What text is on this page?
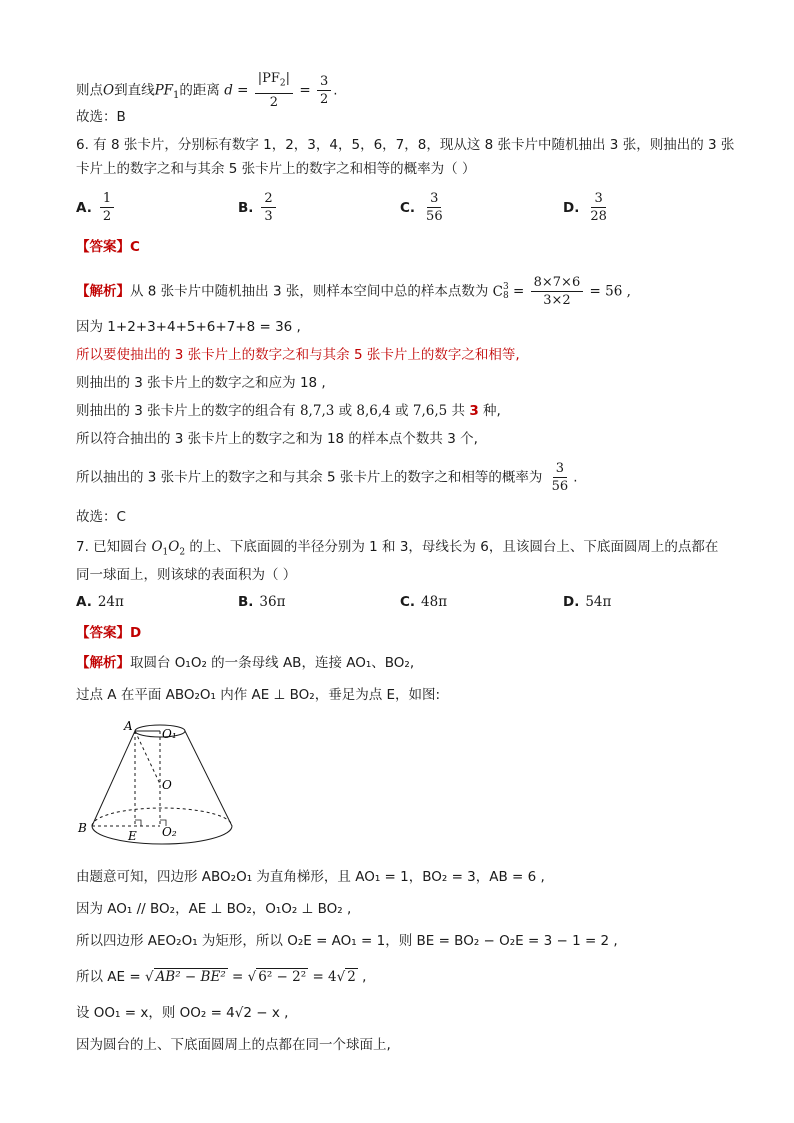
则点O到直线$PF_1$的距离 $d = \frac{|PF_2|}{2} = \frac{3}{2}$ .
故选：B
6. 有 8 张卡片，分别标有数字 1，2，3，4，5，6，7，8，现从这 8 张卡片中随机抽出 3 张，则抽出的 3 张
卡片上的数字之和与其余 5 张卡片上的数字之和相等的概率为（ ）
A. $\frac{1}{2}$	B. $\frac{2}{3}$	C. $\frac{3}{56}$	D. $\frac{3}{28}$
【答案】C
【解析】从 8 张卡片中随机抽出 3 张，则样本空间中总的样本点数为 C 3
$8 = \frac{8\times 7\times 6}{3\times 2} = 56$ ,
因为 1+2+3+4+5+6+7+8 = 36 ,
所以要使抽出的 3 张卡片上的数字之和与其余 5 张卡片上的数字之和相等,
则抽出的 3 张卡片上的数字之和应为 18 ,
则抽出的 3 张卡片上的数字的组合有 8,7,3 或 8,6,4 或 7,6,5 共 3 种,
所以符合抽出的 3 张卡片上的数字之和为 18 的样本点个数共 3 个,
所以抽出的 3 张卡片上的数字之和与其余 5 张卡片上的数字之和相等的概率为 $\frac{3}{56}$ .
故选：C
7. 已知圆台 $O_1O_2$ 的上、下底面圆的半径分别为 1 和 3，母线长为 6，且该圆台上、下底面圆周上的点都在
同一球面上，则该球的表面积为（ ）
A. 24π	B. 36π	C. 48π	D. 54π
【答案】D
【解析】取圆台 O₁O₂ 的一条母线 AB，连接 AO₁、BO₂,
过点 A 在平面 ABO₂O₁ 内作 AE ⊥ BO₂，垂足为点 E，如图:
A
O₁
O
B
E O₂
由题意可知，四边形 ABO₂O₁ 为直角梯形，且 AO₁ = 1，BO₂ = 3，AB = 6 ,
因为 AO₁ // BO₂，AE ⊥ BO₂，O₁O₂ ⊥ BO₂ ,
所以四边形 AEO₂O₁ 为矩形，所以 O₂E = AO₁ = 1，则 BE = BO₂ − O₂E = 3 − 1 = 2 ,
所以 AE = √ AB² − BE² = √ 6² − 2² = 4√ 2 ,
设 OO₁ = x，则 OO₂ = 4√2 − x ,
因为圆台的上、下底面圆周上的点都在同一个球面上,
